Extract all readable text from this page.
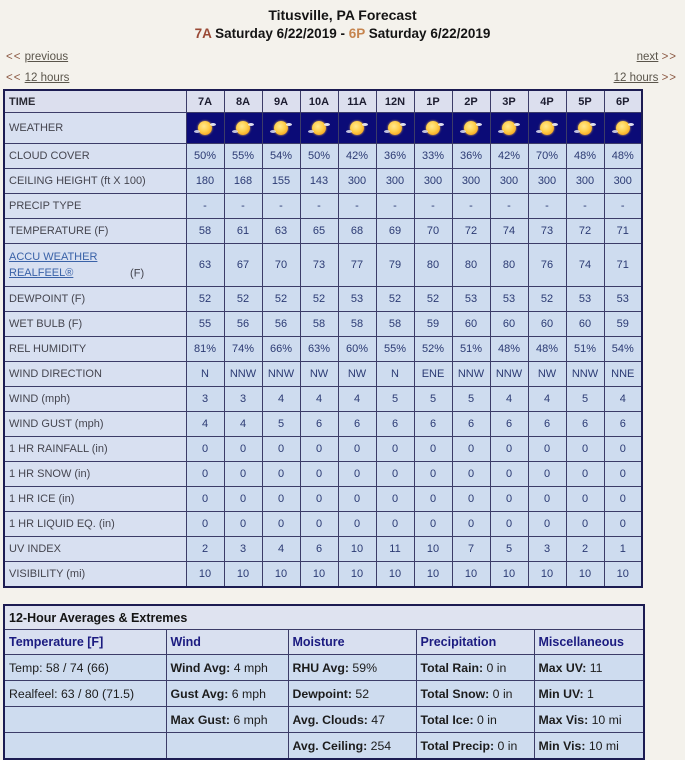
Titusville, PA Forecast
7A Saturday 6/22/2019 - 6P Saturday 6/22/2019
<< previous	next >>
<< 12 hours	12 hours >>
TIME	7A	8A	9A	10A	11A	12N	1P	2P	3P	4P	5P	6P
WEATHER	

CLOUD COVER	50%	55%	54%	50%	42%	36%	33%	36%	42%	70%	48%	48%
CEILING HEIGHT (ft X 100)	180	168	155	143	300	300	300	300	300	300	300	300
PRECIP TYPE	-	-	-	-	-	-	-	-	-	-	-	-
TEMPERATURE (F)	58	61	63	65	68	69	70	72	74	73	72	71
ACCU WEATHER REALFEEL® (F)	63	67	70	73	77	79	80	80	80	76	74	71
DEWPOINT (F)	52	52	52	52	53	52	52	53	53	52	53	53
WET BULB (F)	55	56	56	58	58	58	59	60	60	60	60	59
REL HUMIDITY	81%	74%	66%	63%	60%	55%	52%	51%	48%	48%	51%	54%
WIND DIRECTION	N	NNW	NNW	NW	NW	N	ENE	NNW	NNW	NW	NNW	NNE
WIND (mph)	3	3	4	4	4	5	5	5	4	4	5	4
WIND GUST (mph)	4	4	5	6	6	6	6	6	6	6	6	6
1 HR RAINFALL (in)	0	0	0	0	0	0	0	0	0	0	0	0
1 HR SNOW (in)	0	0	0	0	0	0	0	0	0	0	0	0
1 HR ICE (in)	0	0	0	0	0	0	0	0	0	0	0	0
1 HR LIQUID EQ. (in)	0	0	0	0	0	0	0	0	0	0	0	0
UV INDEX	2	3	4	6	10	11	10	7	5	3	2	1
VISIBILITY (mi)	10	10	10	10	10	10	10	10	10	10	10	10
12-Hour Averages & Extremes				
Temperature [F]	Wind	Moisture	Precipitation	Miscellaneous
Temp: 58 / 74 (66)	Wind Avg: 4 mph	RHU Avg: 59%	Total Rain: 0 in	Max UV: 11
Realfeel: 63 / 80 (71.5)	Gust Avg: 6 mph	Dewpoint: 52	Total Snow: 0 in	Min UV: 1
	Max Gust: 6 mph	Avg. Clouds: 47	Total Ice: 0 in	Max Vis: 10 mi
		Avg. Ceiling: 254	Total Precip: 0 in	Min Vis: 10 mi
